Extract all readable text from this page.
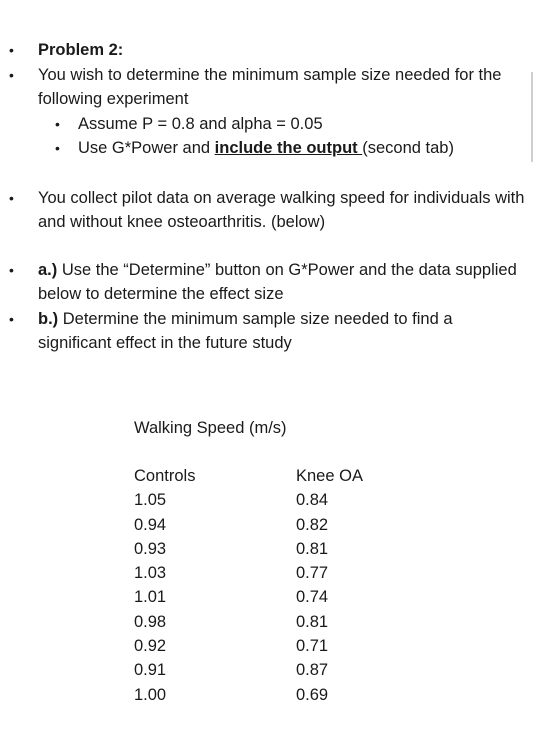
• Problem 2:
• You wish to determine the minimum sample size needed for the following experiment
• Assume P = 0.8 and alpha = 0.05
• Use G*Power and include the output (second tab)
• You collect pilot data on average walking speed for individuals with and without knee osteoarthritis. (below)
• a.) Use the “Determine” button on G*Power and the data supplied below to determine the effect size
• b.) Determine the minimum sample size needed to find a significant effect in the future study
Walking Speed (m/s)
Controls
1.05
0.94
0.93
1.03
1.01
0.98
0.92
0.91
1.00
Knee OA
0.84
0.82
0.81
0.77
0.74
0.81
0.71
0.87
0.69
